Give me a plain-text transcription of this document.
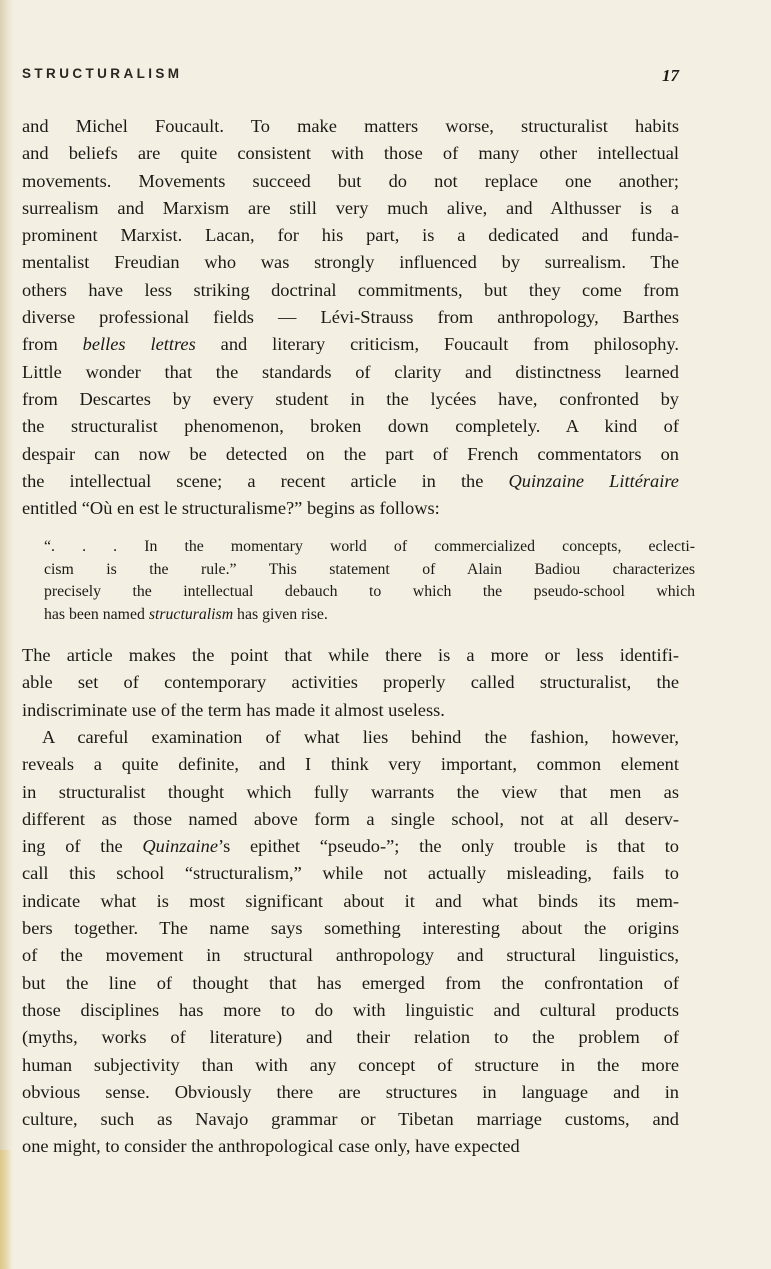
STRUCTURALISM	17
and Michel Foucault. To make matters worse, structuralist habits
and beliefs are quite consistent with those of many other intellectual
movements. Movements succeed but do not replace one another;
surrealism and Marxism are still very much alive, and Althusser is a
prominent Marxist. Lacan, for his part, is a dedicated and funda-
mentalist Freudian who was strongly influenced by surrealism. The
others have less striking doctrinal commitments, but they come from
diverse professional fields — Lévi-Strauss from anthropology, Barthes
from belles lettres and literary criticism, Foucault from philosophy.
Little wonder that the standards of clarity and distinctness learned
from Descartes by every student in the lycées have, confronted by
the structuralist phenomenon, broken down completely. A kind of
despair can now be detected on the part of French commentators on
the intellectual scene; a recent article in the Quinzaine Littéraire
entitled “Où en est le structuralisme?” begins as follows:
“. . . In the momentary world of commercialized concepts, eclecti-
cism is the rule.” This statement of Alain Badiou characterizes
precisely the intellectual debauch to which the pseudo-school which
has been named structuralism has given rise.
The article makes the point that while there is a more or less identifi-
able set of contemporary activities properly called structuralist, the
indiscriminate use of the term has made it almost useless.
A careful examination of what lies behind the fashion, however,
reveals a quite definite, and I think very important, common element
in structuralist thought which fully warrants the view that men as
different as those named above form a single school, not at all deserv-
ing of the Quinzaine’s epithet “pseudo-”; the only trouble is that to
call this school “structuralism,” while not actually misleading, fails to
indicate what is most significant about it and what binds its mem-
bers together. The name says something interesting about the origins
of the movement in structural anthropology and structural linguistics,
but the line of thought that has emerged from the confrontation of
those disciplines has more to do with linguistic and cultural products
(myths, works of literature) and their relation to the problem of
human subjectivity than with any concept of structure in the more
obvious sense. Obviously there are structures in language and in
culture, such as Navajo grammar or Tibetan marriage customs, and
one might, to consider the anthropological case only, have expected
